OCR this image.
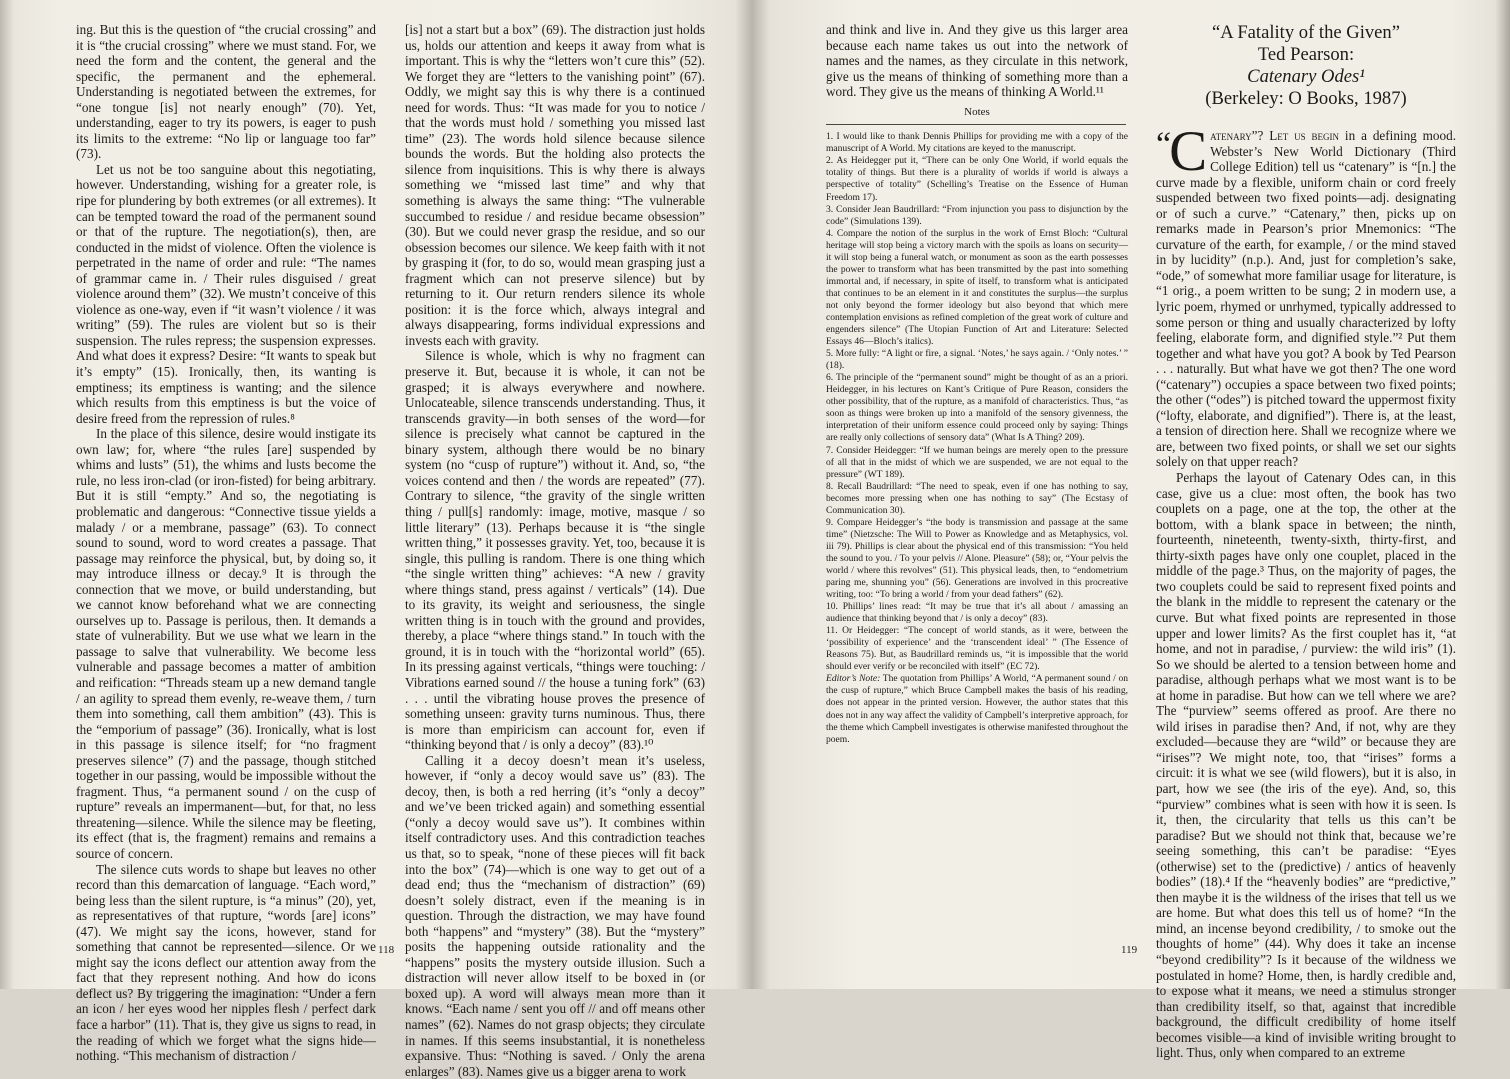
ing. But this is the question of “the crucial crossing” and it is “the crucial crossing” where we must stand. For, we need the form and the content, the general and the specific, the permanent and the ephemeral. Understanding is negotiated between the extremes, for “one tongue [is] not nearly enough” (70). Yet, understanding, eager to try its powers, is eager to push its limits to the extreme: “No lip or language too far” (73).

Let us not be too sanguine about this negotiating, however. Understanding, wishing for a greater role, is ripe for plundering by both extremes (or all extremes). It can be tempted toward the road of the permanent sound or that of the rupture. The negotiation(s), then, are conducted in the midst of violence. Often the violence is perpetrated in the name of order and rule: “The names of grammar came in. / Their rules disguised / great violence around them” (32). We mustn’t conceive of this violence as one-way, even if “it wasn’t violence / it was writing” (59). The rules are violent but so is their suspension. The rules repress; the suspension expresses. And what does it express? Desire: “It wants to speak but it’s empty” (15). Ironically, then, its wanting is emptiness; its emptiness is wanting; and the silence which results from this emptiness is but the voice of desire freed from the repression of rules.⁸

In the place of this silence, desire would instigate its own law; for, where “the rules [are] suspended by whims and lusts” (51), the whims and lusts become the rule, no less iron-clad (or iron-fisted) for being arbitrary. But it is still “empty.” And so, the negotiating is problematic and dangerous: “Connective tissue yields a malady / or a membrane, passage” (63). To connect sound to sound, word to word creates a passage. That passage may reinforce the physical, but, by doing so, it may introduce illness or decay.⁹ It is through the connection that we move, or build understanding, but we cannot know beforehand what we are connecting ourselves up to. Passage is perilous, then. It demands a state of vulnerability. But we use what we learn in the passage to salve that vulnerability. We become less vulnerable and passage becomes a matter of ambition and reification: “Threads steam up a new demand tangle / an agility to spread them evenly, re-weave them, / turn them into something, call them ambition” (43). This is the “emporium of passage” (36). Ironically, what is lost in this passage is silence itself; for “no fragment preserves silence” (7) and the passage, though stitched together in our passing, would be impossible without the fragment. Thus, “a permanent sound / on the cusp of rupture” reveals an impermanent—but, for that, no less threatening—silence. While the silence may be fleeting, its effect (that is, the fragment) remains and remains a source of concern.

The silence cuts words to shape but leaves no other record than this demarcation of language. “Each word,” being less than the silent rupture, is “a minus” (20), yet, as representatives of that rupture, “words [are] icons” (47). We might say the icons, however, stand for something that cannot be represented—silence. Or we might say the icons deflect our attention away from the fact that they represent nothing. And how do icons deflect us? By triggering the imagination: “Under a fern an icon / her eyes wood her nipples flesh / perfect dark face a harbor” (11). That is, they give us signs to read, in the reading of which we forget what the signs hide—nothing. “This mechanism of distraction /

[is] not a start but a box” (69). The distraction just holds us, holds our attention and keeps it away from what is important. This is why the “letters won’t cure this” (52). We forget they are “letters to the vanishing point” (67). Oddly, we might say this is why there is a continued need for words. Thus: “It was made for you to notice / that the words must hold / something you missed last time” (23). The words hold silence because silence bounds the words. But the holding also protects the silence from inquisitions. This is why there is always something we “missed last time” and why that something is always the same thing: “The vulnerable succumbed to residue / and residue became obsession” (30). But we could never grasp the residue, and so our obsession becomes our silence. We keep faith with it not by grasping it (for, to do so, would mean grasping just a fragment which can not preserve silence) but by returning to it. Our return renders silence its whole position: it is the force which, always integral and always disappearing, forms individual expressions and invests each with gravity.

Silence is whole, which is why no fragment can preserve it. But, because it is whole, it can not be grasped; it is always everywhere and nowhere. Unlocateable, silence transcends understanding. Thus, it transcends gravity—in both senses of the word—for silence is precisely what cannot be captured in the binary system, although there would be no binary system (no “cusp of rupture”) without it. And, so, “the voices contend and then / the words are repeated” (77). Contrary to silence, “the gravity of the single written thing / pull[s] randomly: image, motive, masque / so little literary” (13). Perhaps because it is “the single written thing,” it possesses gravity. Yet, too, because it is single, this pulling is random. There is one thing which “the single written thing” achieves: “A new / gravity where things stand, press against / verticals” (14). Due to its gravity, its weight and seriousness, the single written thing is in touch with the ground and provides, thereby, a place “where things stand.” In touch with the ground, it is in touch with the “horizontal world” (65). In its pressing against verticals, “things were touching: / Vibrations earned sound // the house a tuning fork” (63) . . . until the vibrating house proves the presence of something unseen: gravity turns numinous. Thus, there is more than empiricism can account for, even if “thinking beyond that / is only a decoy” (83).¹⁰

Calling it a decoy doesn’t mean it’s useless, however, if “only a decoy would save us” (83). The decoy, then, is both a red herring (it’s “only a decoy” and we’ve been tricked again) and something essential (“only a decoy would save us”). It combines within itself contradictory uses. And this contradiction teaches us that, so to speak, “none of these pieces will fit back into the box” (74)—which is one way to get out of a dead end; thus the “mechanism of distraction” (69) doesn’t solely distract, even if the meaning is in question. Through the distraction, we may have found both “happens” and “mystery” (38). But the “mystery” posits the happening outside rationality and the “happens” posits the mystery outside illusion. Such a distraction will never allow itself to be boxed in (or boxed up). A word will always mean more than it knows. “Each name / sent you off // and off means other names” (62). Names do not grasp objects; they circulate in names. If this seems insubstantial, it is nonetheless expansive. Thus: “Nothing is saved. / Only the arena enlarges” (83). Names give us a bigger arena to work

118

and think and live in. And they give us this larger area because each name takes us out into the network of names and the names, as they circulate in this network, give us the means of thinking of something more than a word. They give us the means of thinking A World.¹¹

Notes

1. I would like to thank Dennis Phillips for providing me with a copy of the manuscript of A World. My citations are keyed to the manuscript.

2. As Heidegger put it, “There can be only One World, if world equals the totality of things. But there is a plurality of worlds if world is always a perspective of totality” (Schelling’s Treatise on the Essence of Human Freedom 17).

3. Consider Jean Baudrillard: “From injunction you pass to disjunction by the code” (Simulations 139).

4. Compare the notion of the surplus in the work of Ernst Bloch: “Cultural heritage will stop being a victory march with the spoils as loans on security—it will stop being a funeral watch, or monument as soon as the earth possesses the power to transform what has been transmitted by the past into something immortal and, if necessary, in spite of itself, to transform what is anticipated that continues to be an element in it and constitutes the surplus—the surplus not only beyond the former ideology but also beyond that which mere contemplation envisions as refined completion of the great work of culture and engenders silence” (The Utopian Function of Art and Literature: Selected Essays 46—Bloch’s italics).

5. More fully: “A light or fire, a signal. ‘Notes,’ he says again. / ‘Only notes.’ ” (18).

6. The principle of the “permanent sound” might be thought of as an a priori. Heidegger, in his lectures on Kant’s Critique of Pure Reason, considers the other possibility, that of the rupture, as a manifold of characteristics. Thus, “as soon as things were broken up into a manifold of the sensory givenness, the interpretation of their uniform essence could proceed only by saying: Things are really only collections of sensory data” (What Is A Thing? 209).

7. Consider Heidegger: “If we human beings are merely open to the pressure of all that in the midst of which we are suspended, we are not equal to the pressure” (WT 189).

8. Recall Baudrillard: “The need to speak, even if one has nothing to say, becomes more pressing when one has nothing to say” (The Ecstasy of Communication 30).

9. Compare Heidegger’s “the body is transmission and passage at the same time” (Nietzsche: The Will to Power as Knowledge and as Metaphysics, vol. iii 79). Phillips is clear about the physical end of this transmission: “You held the sound to you. / To your pelvis // Alone. Pleasure” (58); or, “Your pelvis the world / where this revolves” (51). This physical leads, then, to “endometrium paring me, shunning you” (56). Generations are involved in this procreative writing, too: “To bring a world / from your dead fathers” (62).

10. Phillips’ lines read: “It may be true that it’s all about / amassing an audience that thinking beyond that / is only a decoy” (83).

11. Or Heidegger: “The concept of world stands, as it were, between the ‘possibility of experience’ and the ‘transcendent ideal’ ” (The Essence of Reasons 75). But, as Baudrillard reminds us, “it is impossible that the world should ever verify or be reconciled with itself” (EC 72).

Editor’s Note: The quotation from Phillips’ A World, “A permanent sound / on the cusp of rupture,” which Bruce Campbell makes the basis of his reading, does not appear in the printed version. However, the author states that this does not in any way affect the validity of Campbell’s interpretive approach, for the theme which Campbell investigates is otherwise manifested throughout the poem.

“A Fatality of the Given”
Ted Pearson:
Catenary Odes¹
(Berkeley: O Books, 1987)

“C atenary”? Let us begin in a defining mood. Webster’s New World Dictionary (Third College Edition) tell us “catenary” is “[n.] the curve made by a flexible, uniform chain or cord freely suspended between two fixed points—adj. designating or of such a curve.” “Catenary,” then, picks up on remarks made in Pearson’s prior Mnemonics: “The curvature of the earth, for example, / or the mind staved in by lucidity” (n.p.). And, just for completion’s sake, “ode,” of somewhat more familiar usage for literature, is “1 orig., a poem written to be sung; 2 in modern use, a lyric poem, rhymed or unrhymed, typically addressed to some person or thing and usually characterized by lofty feeling, elaborate form, and dignified style.”² Put them together and what have you got? A book by Ted Pearson . . . naturally. But what have we got then? The one word (“catenary”) occupies a space between two fixed points; the other (“odes”) is pitched toward the uppermost fixity (“lofty, elaborate, and dignified”). There is, at the least, a tension of direction here. Shall we recognize where we are, between two fixed points, or shall we set our sights solely on that upper reach?

Perhaps the layout of Catenary Odes can, in this case, give us a clue: most often, the book has two couplets on a page, one at the top, the other at the bottom, with a blank space in between; the ninth, fourteenth, nineteenth, twenty-sixth, thirty-first, and thirty-sixth pages have only one couplet, placed in the middle of the page.³ Thus, on the majority of pages, the two couplets could be said to represent fixed points and the blank in the middle to represent the catenary or the curve. But what fixed points are represented in those upper and lower limits? As the first couplet has it, “at home, and not in paradise, / purview: the wild iris” (1). So we should be alerted to a tension between home and paradise, although perhaps what we most want is to be at home in paradise. But how can we tell where we are? The “purview” seems offered as proof. Are there no wild irises in paradise then? And, if not, why are they excluded—because they are “wild” or because they are “irises”? We might note, too, that “irises” forms a circuit: it is what we see (wild flowers), but it is also, in part, how we see (the iris of the eye). And, so, this “purview” combines what is seen with how it is seen. Is it, then, the circularity that tells us this can’t be paradise? But we should not think that, because we’re seeing something, this can’t be paradise: “Eyes (otherwise) set to the (predictive) / antics of heavenly bodies” (18).⁴ If the “heavenly bodies” are “predictive,” then maybe it is the wildness of the irises that tell us we are home. But what does this tell us of home? “In the mind, an incense beyond credibility, / to smoke out the thoughts of home” (44). Why does it take an incense “beyond credibility”? Is it because of the wildness we postulated in home? Home, then, is hardly credible and, to expose what it means, we need a stimulus stronger than credibility itself, so that, against that incredible background, the difficult credibility of home itself becomes visible—a kind of invisible writing brought to light. Thus, only when compared to an extreme

119
